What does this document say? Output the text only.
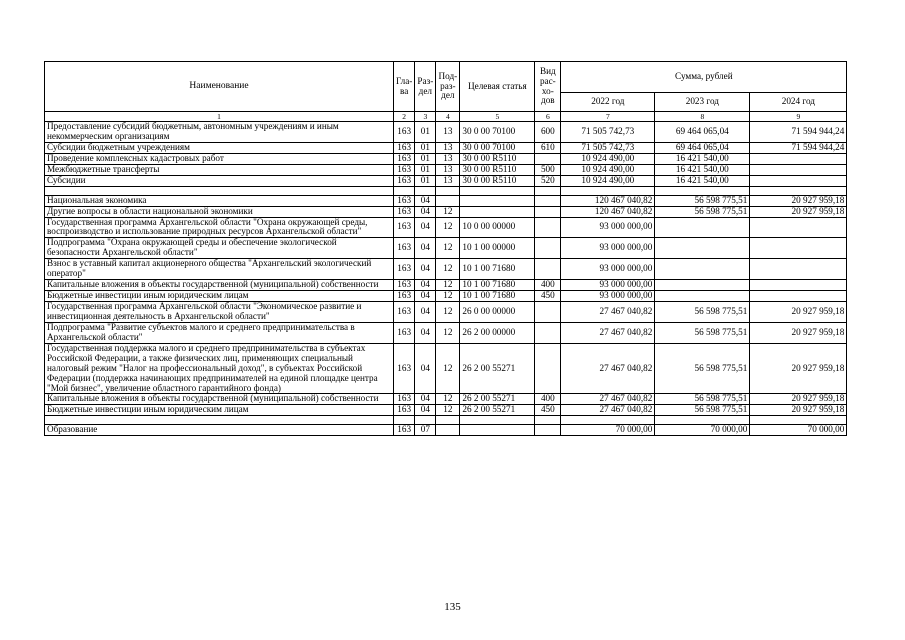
Наименование	Гла-ва	Раз-дел	Под-раз-дел	Целевая статья	Вид рас-хо-дов	Сумма, рублей		
						2022 год	2023 год	2024 год
1	2	3	4	5	6	7	8	9
Предоставление субсидий бюджетным, автономным учреждениям и иным некоммерческим организациям	163	01	13	30 0 00 70100	600	71 505 742,73	69 464 065,04	71 594 944,24
Субсидии бюджетным учреждениям	163	01	13	30 0 00 70100	610	71 505 742,73	69 464 065,04	71 594 944,24
Проведение комплексных кадастровых работ	163	01	13	30 0 00 R5110		10 924 490,00	16 421 540,00	
Межбюджетные трансферты	163	01	13	30 0 00 R5110	500	10 924 490,00	16 421 540,00	
Субсидии	163	01	13	30 0 00 R5110	520	10 924 490,00	16 421 540,00	

Национальная экономика	163	04				120 467 040,82	56 598 775,51	20 927 959,18
Другие вопросы в области национальной экономики	163	04	12			120 467 040,82	56 598 775,51	20 927 959,18
Государственная программа Архангельской области "Охрана окружающей среды, воспроизводство и использование природных ресурсов Архангельской области"	163	04	12	10 0 00 00000		93 000 000,00		
Подпрограмма "Охрана окружающей среды и обеспечение экологической безопасности Архангельской области"	163	04	12	10 1 00 00000		93 000 000,00		
Взнос в уставный капитал акционерного общества "Архангельский экологический оператор"	163	04	12	10 1 00 71680		93 000 000,00		
Капитальные вложения в объекты государственной (муниципальной) собственности	163	04	12	10 1 00 71680	400	93 000 000,00		
Бюджетные инвестиции иным юридическим лицам	163	04	12	10 1 00 71680	450	93 000 000,00		
Государственная программа Архангельской области "Экономическое развитие и инвестиционная деятельность в Архангельской области"	163	04	12	26 0 00 00000		27 467 040,82	56 598 775,51	20 927 959,18
Подпрограмма "Развитие субъектов малого и среднего предпринимательства в Архангельской области"	163	04	12	26 2 00 00000		27 467 040,82	56 598 775,51	20 927 959,18
Государственная поддержка малого и среднего предпринимательства в субъектах Российской Федерации, а также физических лиц, применяющих специальный налоговый режим "Налог на профессиональный доход", в субъектах Российской Федерации (поддержка начинающих предпринимателей на единой площадке центра "Мой бизнес", увеличение областного гарантийного фонда)	163	04	12	26 2 00 55271		27 467 040,82	56 598 775,51	20 927 959,18
Капитальные вложения в объекты государственной (муниципальной) собственности	163	04	12	26 2 00 55271	400	27 467 040,82	56 598 775,51	20 927 959,18
Бюджетные инвестиции иным юридическим лицам	163	04	12	26 2 00 55271	450	27 467 040,82	56 598 775,51	20 927 959,18

Образование	163	07				70 000,00	70 000,00	70 000,00
135
